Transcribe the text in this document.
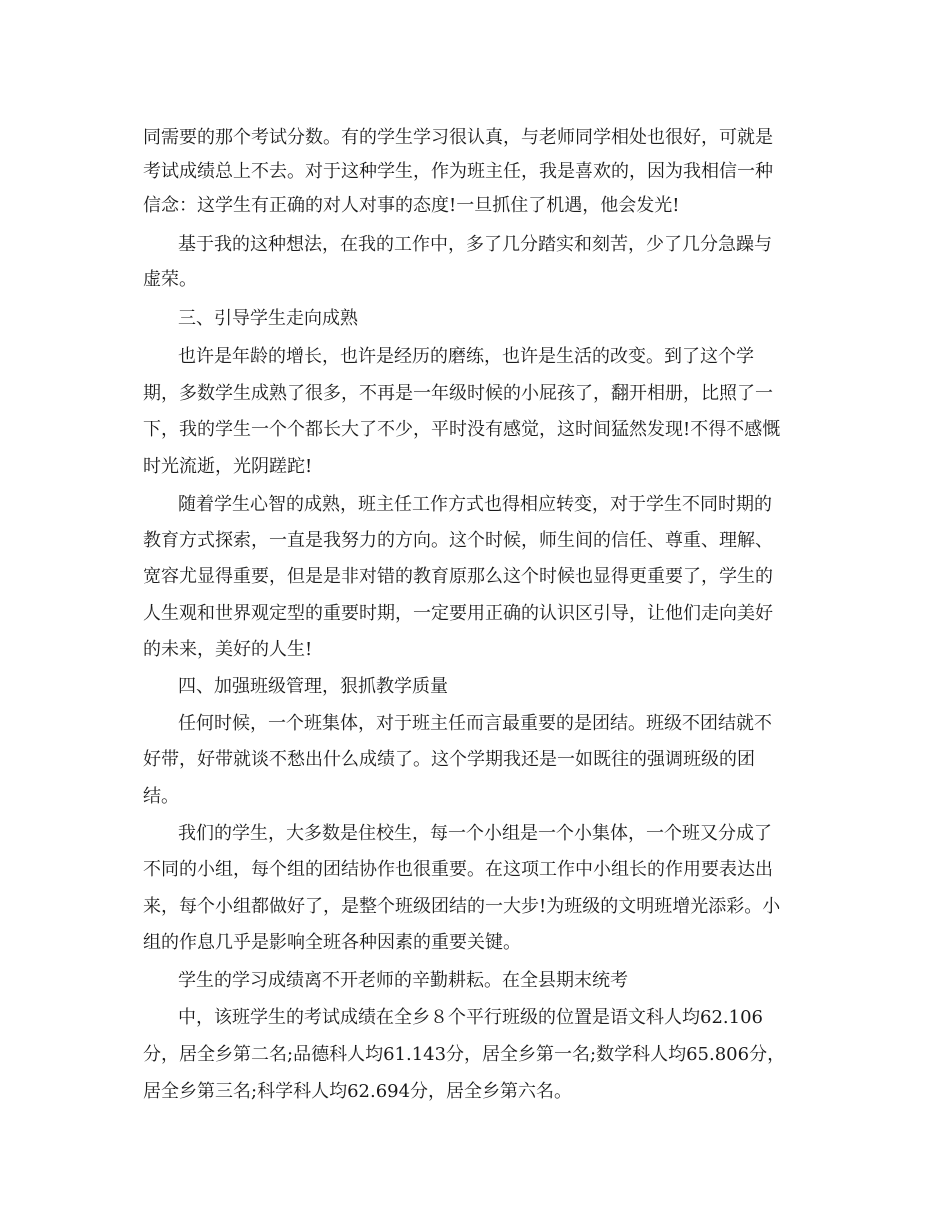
同需要的那个考试分数。有的学生学习很认真，与老师同学相处也很好，可就是

考试成绩总上不去。对于这种学生，作为班主任，我是喜欢的，因为我相信一种

信念：这学生有正确的对人对事的态度!一旦抓住了机遇，他会发光!

基于我的这种想法，在我的工作中，多了几分踏实和刻苦，少了几分急躁与

虚荣。

三、引导学生走向成熟

也许是年龄的增长，也许是经历的磨练，也许是生活的改变。到了这个学

期，多数学生成熟了很多，不再是一年级时候的小屁孩了，翻开相册，比照了一

下，我的学生一个个都长大了不少，平时没有感觉，这时间猛然发现!不得不感慨

时光流逝，光阴蹉跎!

随着学生心智的成熟，班主任工作方式也得相应转变，对于学生不同时期的

教育方式探索，一直是我努力的方向。这个时候，师生间的信任、尊重、理解、

宽容尤显得重要，但是是非对错的教育原那么这个时候也显得更重要了，学生的

人生观和世界观定型的重要时期，一定要用正确的认识区引导，让他们走向美好

的未来，美好的人生!

四、加强班级管理，狠抓教学质量

任何时候，一个班集体，对于班主任而言最重要的是团结。班级不团结就不

好带，好带就谈不愁出什么成绩了。这个学期我还是一如既往的强调班级的团

结。

我们的学生，大多数是住校生，每一个小组是一个小集体，一个班又分成了

不同的小组，每个组的团结协作也很重要。在这项工作中小组长的作用要表达出

来，每个小组都做好了，是整个班级团结的一大步!为班级的文明班增光添彩。小

组的作息几乎是影响全班各种因素的重要关键。

学生的学习成绩离不开老师的辛勤耕耘。在全县期末统考

中，该班学生的考试成绩在全乡８个平行班级的位置是语文科人均62.106

分，居全乡第二名;品德科人均61.143分，居全乡第一名;数学科人均65.806分，

居全乡第三名;科学科人均62.694分，居全乡第六名。
